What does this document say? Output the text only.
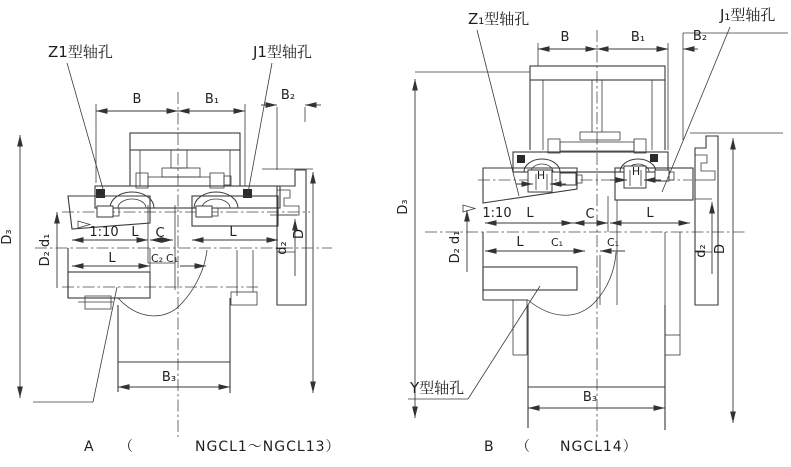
Z1型轴孔	J1型轴孔
B	B₁	B₂
D₃ D₂ d₁
1:10 L C	L
L	C₂ C₁
d₂
D
B₃
A （	NGCL1～NGCL13）
Z₁型轴孔	J₁型轴孔
Y型轴孔
B	B₁	B₂
D₃
D₂ d₁
1:10 L	C	L
L C₁	C₁
H	H
d₂ D
B₃
B （ NGCL14）
